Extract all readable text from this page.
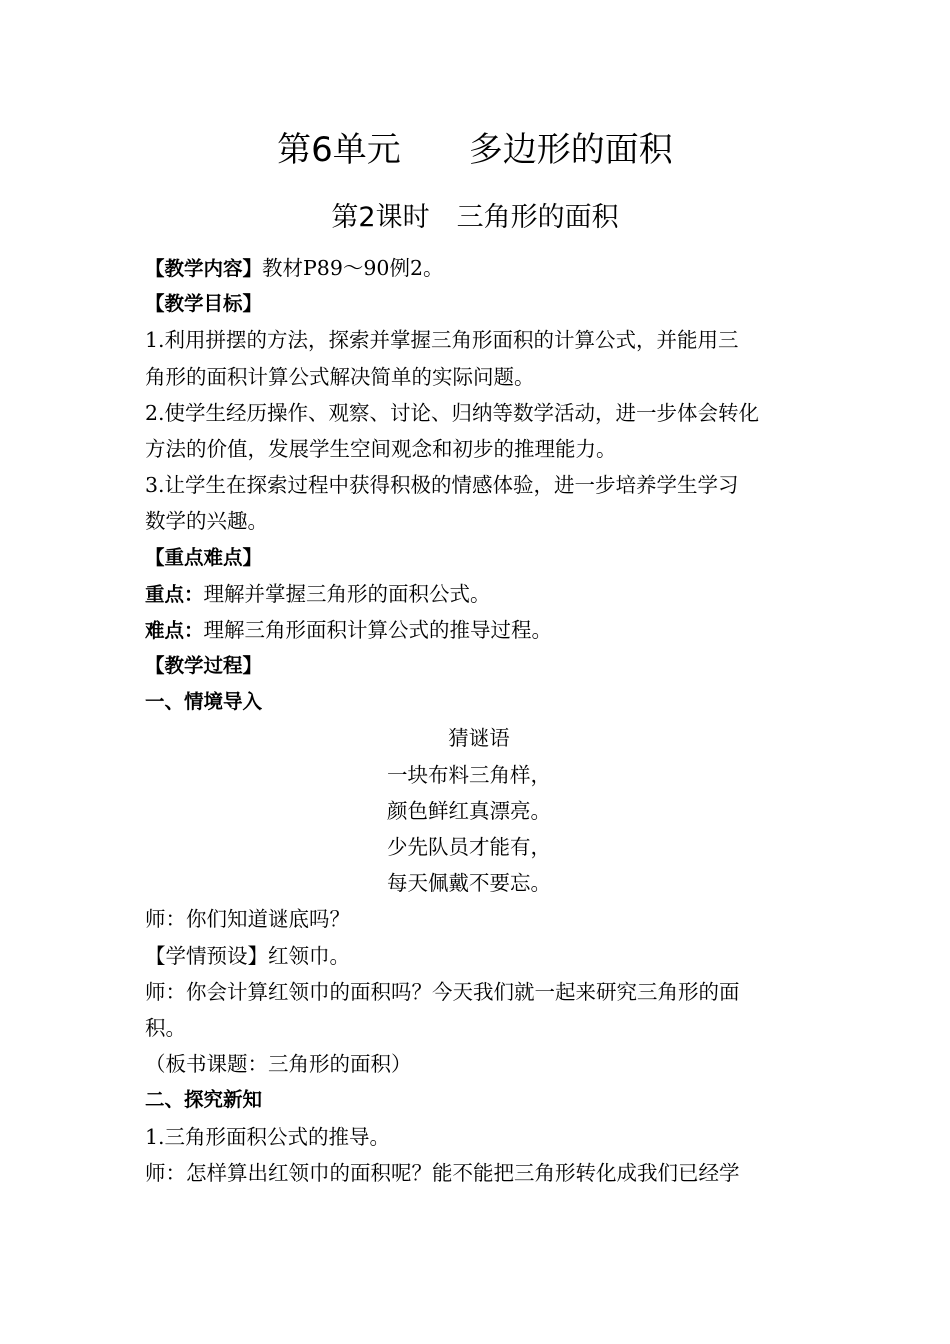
第6单元　　多边形的面积
第2课时　三角形的面积
【教学内容】教材P89～90例2。
【教学目标】
1.利用拼摆的方法，探索并掌握三角形面积的计算公式，并能用三
角形的面积计算公式解决简单的实际问题。
2.使学生经历操作、观察、讨论、归纳等数学活动，进一步体会转化
方法的价值，发展学生空间观念和初步的推理能力。
3.让学生在探索过程中获得积极的情感体验，进一步培养学生学习
数学的兴趣。
【重点难点】
重点：理解并掌握三角形的面积公式。
难点：理解三角形面积计算公式的推导过程。
【教学过程】
一、情境导入
猜谜语
一块布料三角样，
颜色鲜红真漂亮。
少先队员才能有，
每天佩戴不要忘。
师：你们知道谜底吗？
【学情预设】红领巾。
师：你会计算红领巾的面积吗？今天我们就一起来研究三角形的面
积。
（板书课题：三角形的面积）
二、探究新知
1.三角形面积公式的推导。
师：怎样算出红领巾的面积呢？能不能把三角形转化成我们已经学
